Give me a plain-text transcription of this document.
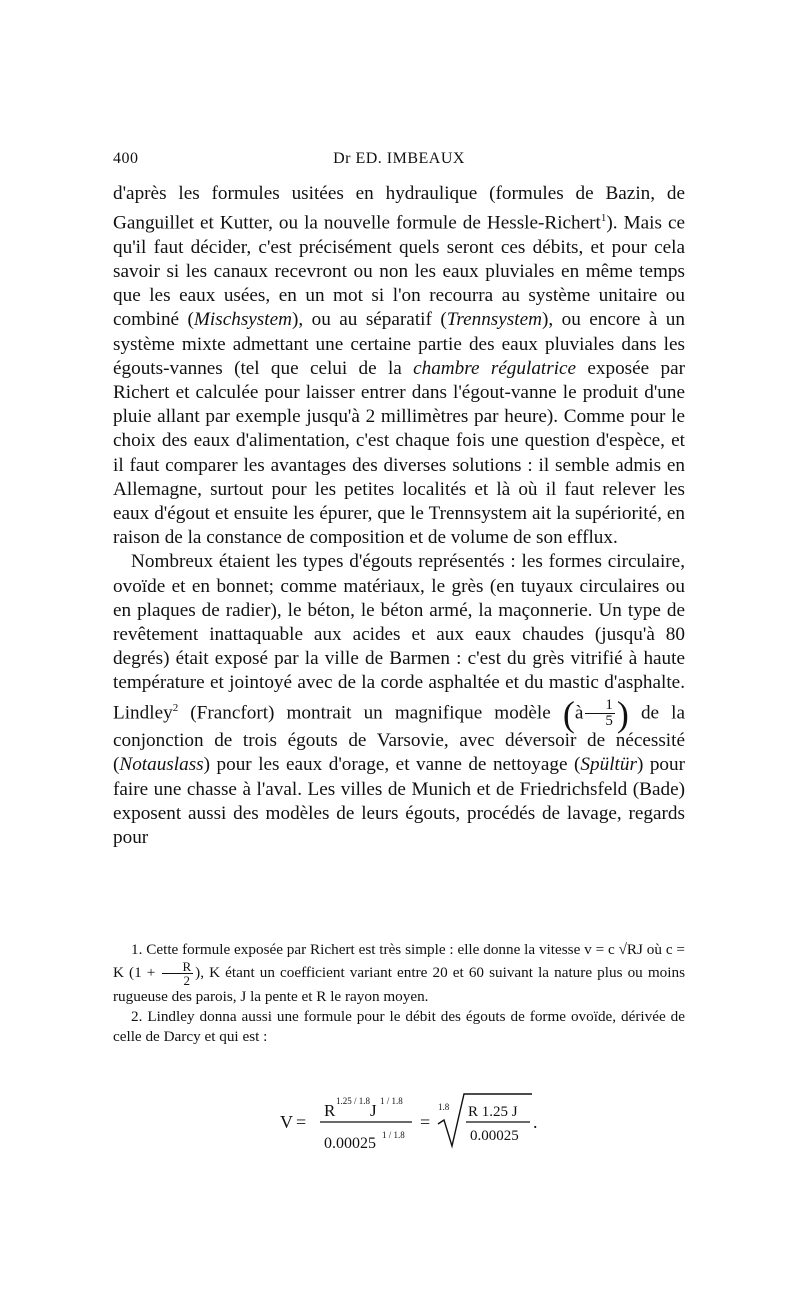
400	Dr ED. IMBEAUX

d'après les formules usitées en hydraulique (formules de Bazin, de Ganguillet et Kutter, ou la nouvelle formule de Hessle-Richert$^1$). Mais ce qu'il faut décider, c'est précisément quels seront ces débits, et pour cela savoir si les canaux recevront ou non les eaux pluviales en même temps que les eaux usées, en un mot si l'on recourra au système unitaire ou combiné (Mischsystem), ou au séparatif (Trennsystem), ou encore à un système mixte admettant une certaine partie des eaux pluviales dans les égouts-vannes (tel que celui de la chambre régulatrice exposée par Richert et calculée pour laisser entrer dans l'égout-vanne le produit d'une pluie allant par exemple jusqu'à 2 millimètres par heure). Comme pour le choix des eaux d'alimentation, c'est chaque fois une question d'espèce, et il faut comparer les avantages des diverses solutions : il semble admis en Allemagne, surtout pour les petites localités et là où il faut relever les eaux d'égout et ensuite les épurer, que le Trennsystem ait la supériorité, en raison de la constance de composition et de volume de son efflux.

Nombreux étaient les types d'égouts représentés : les formes circulaire, ovoïde et en bonnet; comme matériaux, le grès (en tuyaux circulaires ou en plaques de radier), le béton, le béton armé, la maçonnerie. Un type de revêtement inattaquable aux acides et aux eaux chaudes (jusqu'à 80 degrés) était exposé par la ville de Barmen : c'est du grès vitrifié à haute température et jointoyé avec de la corde asphaltée et du mastic d'asphalte. Lindley$^2$ (Francfort) montrait un magnifique modèle (à $\frac{1}{5}$ ) de la conjonction de trois égouts de Varsovie, avec déversoir de nécessité (Notauslass) pour les eaux d'orage, et vanne de nettoyage (Spültür) pour faire une chasse à l'aval. Les villes de Munich et de Friedrichsfeld (Bade) exposent aussi des modèles de leurs égouts, procédés de lavage, regards pour

1. Cette formule exposée par Richert est très simple : elle donne la vitesse v = c √RJ où c = K ($1 + \frac{R}{2}$ ), K étant un coefficient variant entre 20 et 60 suivant la nature plus ou moins rugueuse des parois, J la pente et R le rayon moyen.

2. Lindley donna aussi une formule pour le débit des égouts de forme ovoïde, dérivée de celle de Darcy et qui est :

V =
R 1.25 / 1.8 J 1 / 1.8
0.00025 1 / 1.8
=
1.8 R 1.25 J
0.00025
.
